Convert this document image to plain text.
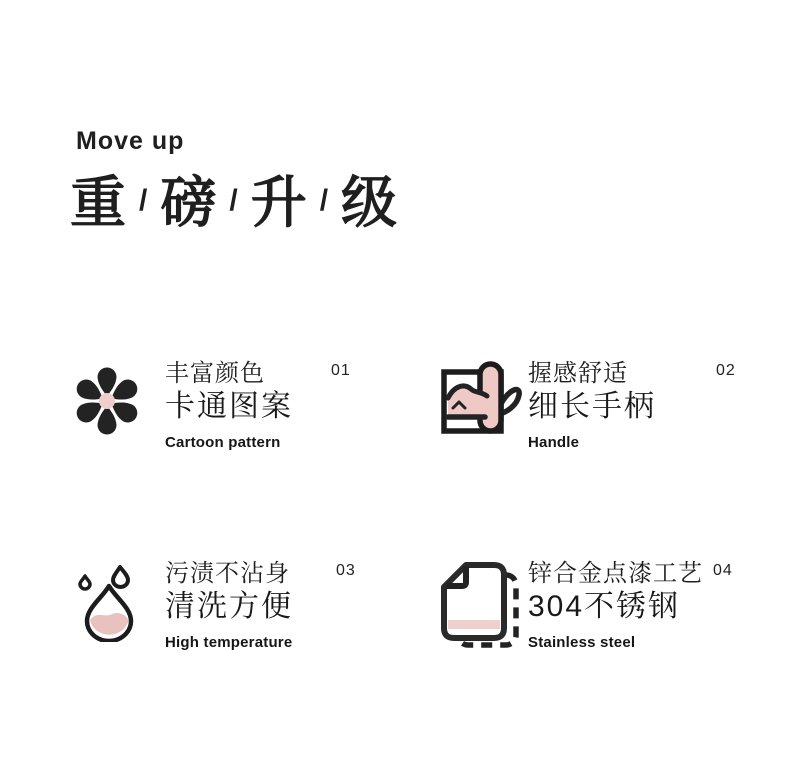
Move up
重 / 磅 / 升 / 级
丰富颜色
卡通图案
Cartoon pattern
01	握感舒适
细长手柄
Handle
02
污渍不沾身
清洗方便
High temperature
03	锌合金点漆工艺
304不锈钢
Stainless steel
04
